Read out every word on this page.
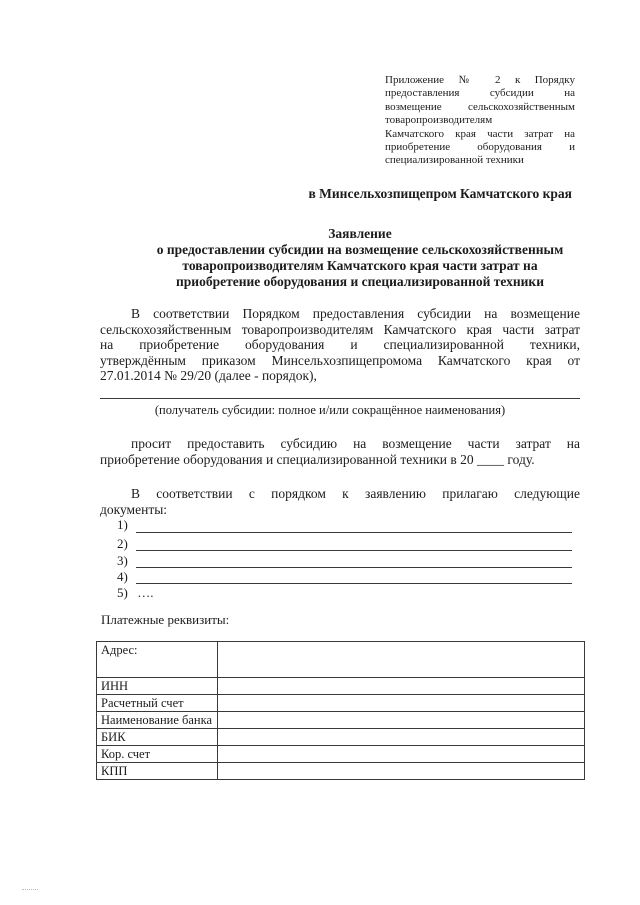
Приложение № 2 к Порядку
предоставления субсидии на
возмещение сельскохозяйственным
товаропроизводителям
Камчатского края части затрат на
приобретение оборудования и
специализированной техники
в Минсельхозпищепром Камчатского края
Заявление
о предоставлении субсидии на возмещение сельскохозяйственным
товаропроизводителям Камчатского края части затрат на
приобретение оборудования и специализированной техники
В соответствии Порядком предоставления субсидии на возмещение
сельскохозяйственным товаропроизводителям Камчатского края части затрат
на приобретение оборудования и специализированной техники,
утверждённым приказом Минсельхозпищепромома Камчатского края от
27.01.2014 № 29/20 (далее - порядок),
(получатель субсидии: полное и/или сокращённое наименования)
просит предоставить субсидию на возмещение части затрат на
приобретение оборудования и специализированной техники в 20 ____ году.
В соответствии с порядком к заявлению прилагаю следующие
документы:
1)
2)
3)
4)
5) ….
Платежные реквизиты:
Адрес:	
ИНН	
Расчетный счет	
Наименование банка	
БИК	
Кор. счет	
КПП	
